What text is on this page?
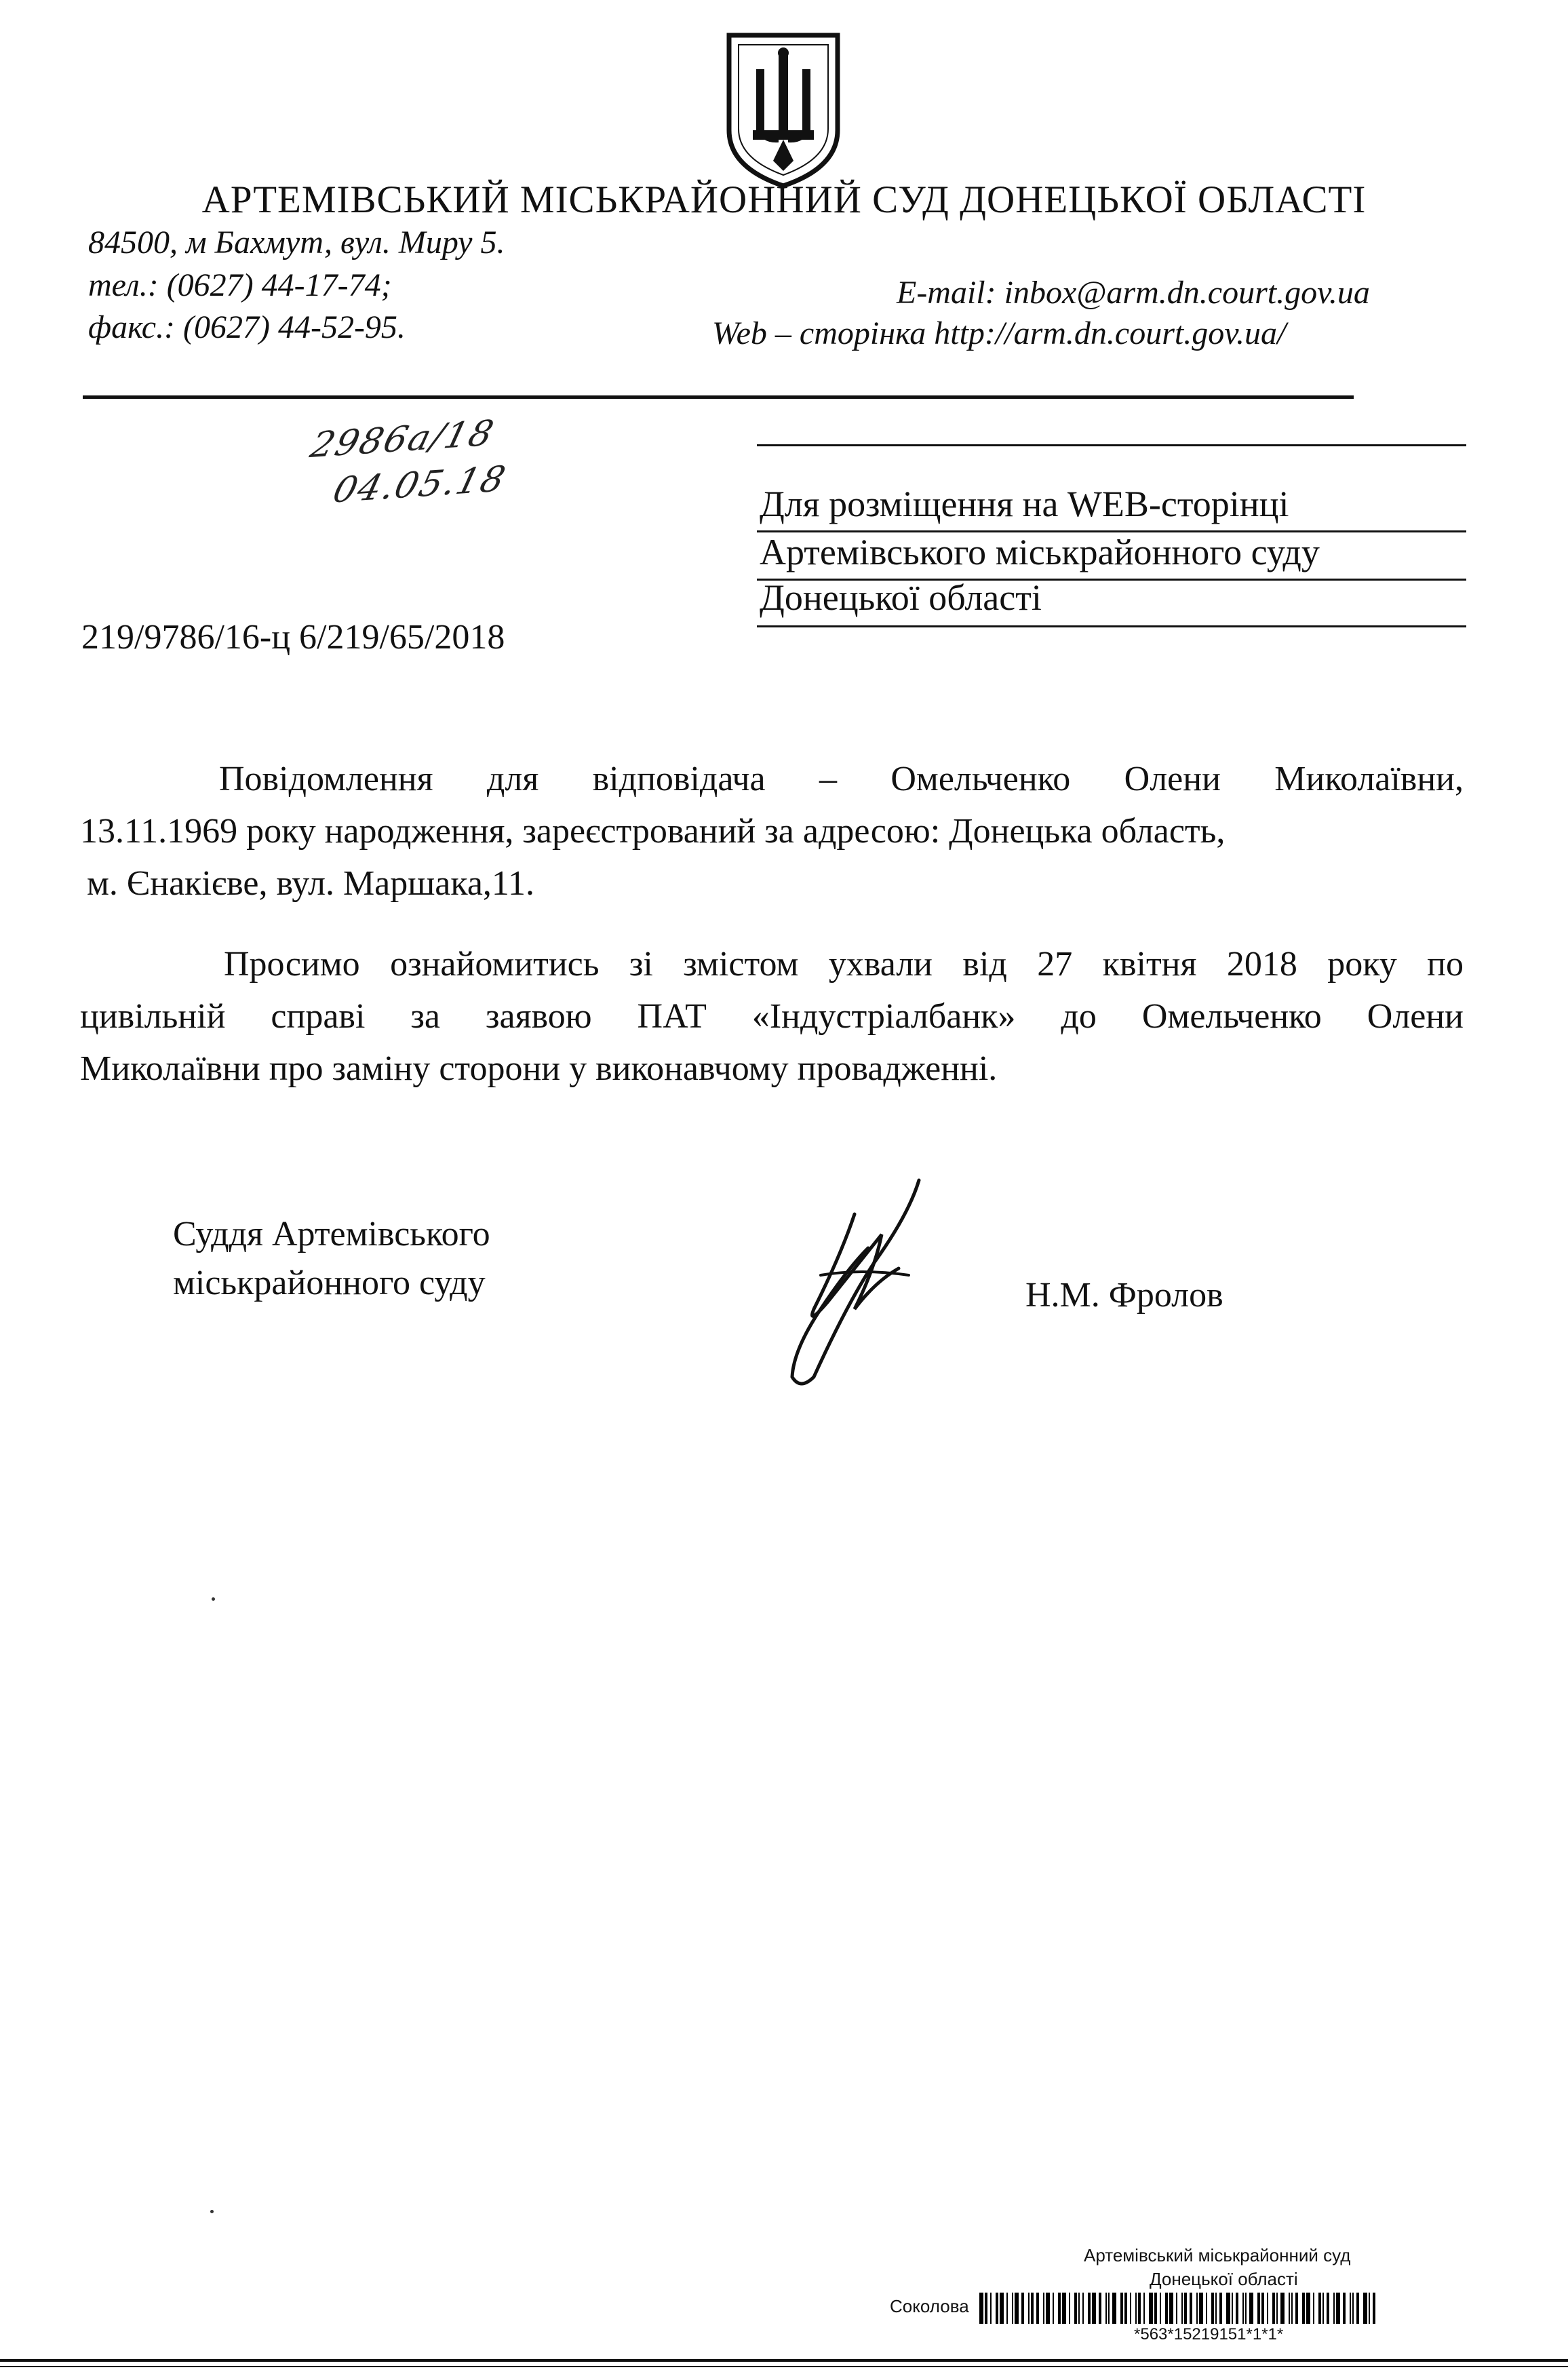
АРТЕМІВСЬКИЙ МІСЬКРАЙОННИЙ СУД ДОНЕЦЬКОЇ ОБЛАСТІ
84500, м Бахмут, вул. Миру 5.
тел.: (0627) 44-17-74;
факс.: (0627) 44-52-95.
E-mail: inbox@arm.dn.court.gov.ua
Web – сторінка http://arm.dn.court.gov.ua/
2986а/18
04.05.18	Для розміщення на WEB-сторінці
Артемівського міськрайонного суду
Донецької області
219/9786/16-ц 6/219/65/2018
Повідомлення для відповідача – Омельченко Олени Миколаївни,
13.11.1969 року народження, зареєстрований за адресою: Донецька область,
м. Єнакієве, вул. Маршака,11.
Просимо ознайомитись зі змістом ухвали від 27 квітня 2018 року по
цивільній справі за заявою ПАТ «Індустріалбанк» до Омельченко Олени
Миколаївни про заміну сторони у виконавчому провадженні.
Суддя Артемівського
міськрайонного суду	Н.М. Фролов
Артемівський міськрайонний суд
Донецької області
Соколова
*563*15219151*1*1*
